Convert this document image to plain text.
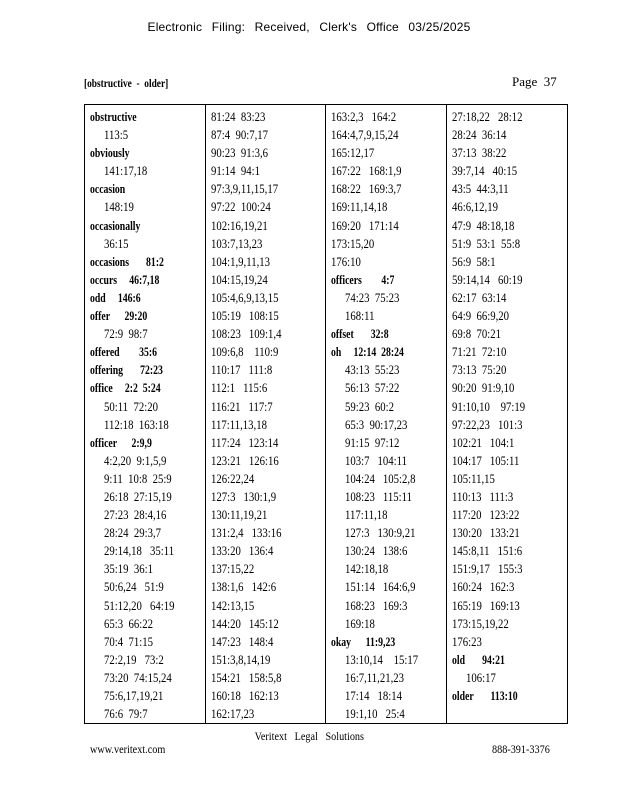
Electronic Filing: Received, Clerk's Office 03/25/2025
[obstructive  -  older]	Page  37
obstructive
113:5
obviously
141:17,18
occasion
148:19
occasionally
36:15
occasions       81:2
occurs     46:7,18
odd     146:6
offer      29:20
72:9  98:7
offered        35:6
offering       72:23
office     2:2  5:24
50:11  72:20
112:18  163:18
officer      2:9,9
4:2,20  9:1,5,9
9:11  10:8  25:9
26:18  27:15,19
27:23  28:4,16
28:24  29:3,7
29:14,18   35:11
35:19  36:1
50:6,24   51:9
51:12,20   64:19
65:3  66:22
70:4  71:15
72:2,19   73:2
73:20  74:15,24
75:6,17,19,21
76:6  79:7
81:24  83:23
87:4  90:7,17
90:23  91:3,6
91:14  94:1
97:3,9,11,15,17
97:22  100:24
102:16,19,21
103:7,13,23
104:1,9,11,13
104:15,19,24
105:4,6,9,13,15
105:19   108:15
108:23   109:1,4
109:6,8    110:9
110:17   111:8
112:1   115:6
116:21   117:7
117:11,13,18
117:24   123:14
123:21   126:16
126:22,24
127:3   130:1,9
130:11,19,21
131:2,4   133:16
133:20   136:4
137:15,22
138:1,6   142:6
142:13,15
144:20   145:12
147:23   148:4
151:3,8,14,19
154:21   158:5,8
160:18   162:13
162:17,23
163:2,3   164:2
164:4,7,9,15,24
165:12,17
167:22   168:1,9
168:22   169:3,7
169:11,14,18
169:20   171:14
173:15,20
176:10
officers        4:7
74:23  75:23
168:11
offset       32:8
oh     12:14  28:24
43:13  55:23
56:13  57:22
59:23  60:2
65:3  90:17,23
91:15  97:12
103:7   104:11
104:24   105:2,8
108:23   115:11
117:11,18
127:3   130:9,21
130:24   138:6
142:18,18
151:14   164:6,9
168:23   169:3
169:18
okay      11:9,23
13:10,14    15:17
16:7,11,21,23
17:14   18:14
19:1,10   25:4
27:18,22   28:12
28:24  36:14
37:13  38:22
39:7,14   40:15
43:5  44:3,11
46:6,12,19
47:9  48:18,18
51:9  53:1  55:8
56:9  58:1
59:14,14   60:19
62:17  63:14
64:9  66:9,20
69:8  70:21
71:21  72:10
73:13  75:20
90:20  91:9,10
91:10,10    97:19
97:22,23   101:3
102:21   104:1
104:17   105:11
105:11,15
110:13   111:3
117:20   123:22
130:20   133:21
145:8,11   151:6
151:9,17   155:3
160:24   162:3
165:19   169:13
173:15,19,22
176:23
old       94:21
106:17
older       113:10
Veritext Legal Solutions
www.veritext.com	888-391-3376
